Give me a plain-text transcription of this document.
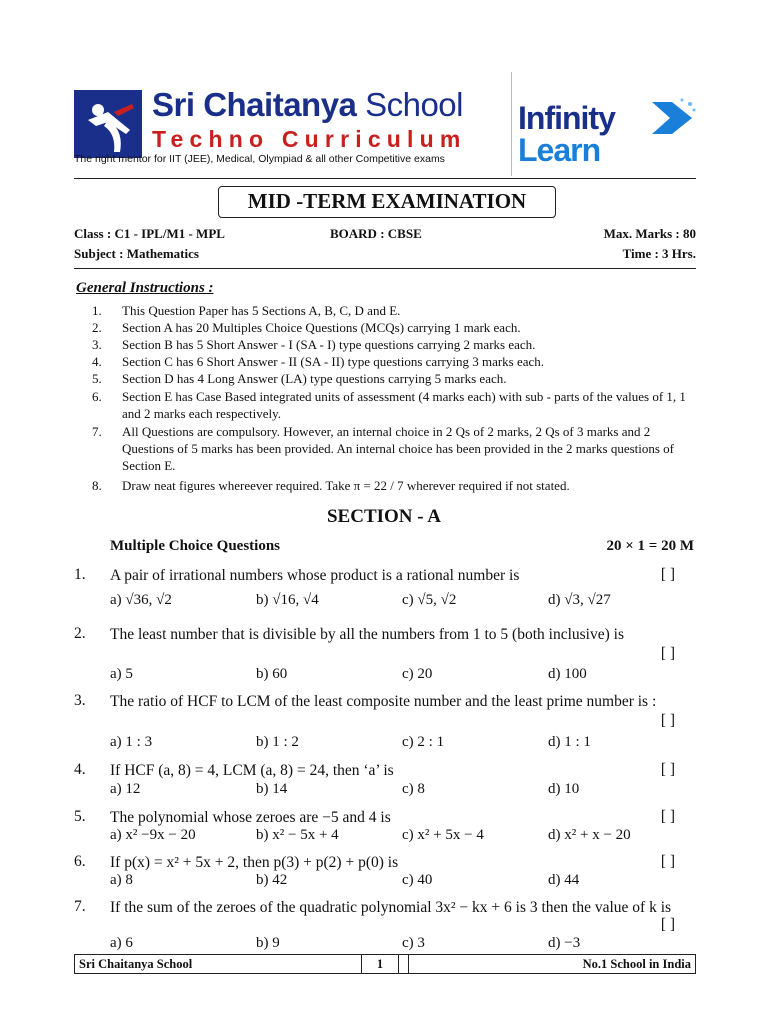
Sri Chaitanya School
Techno Curriculum
The right mentor for IIT (JEE), Medical, Olympiad & all other Competitive exams
Infinity
Learn
MID -TERM EXAMINATION
Class : C1 - IPL/M1 - MPL	BOARD : CBSE	Max. Marks : 80
Subject : Mathematics	Time : 3 Hrs.
General Instructions :
1. This Question Paper has 5 Sections A, B, C, D and E.
2. Section A has 20 Multiples Choice Questions (MCQs) carrying 1 mark each.
3. Section B has 5 Short Answer - I (SA - I) type questions carrying 2 marks each.
4. Section C has 6 Short Answer - II (SA - II) type questions carrying 3 marks each.
5. Section D has 4 Long Answer (LA) type questions carrying 5 marks each.
6. Section E has Case Based integrated units of assessment (4 marks each) with sub - parts of the values of 1, 1 and 2 marks each respectively.
7. All Questions are compulsory. However, an internal choice in 2 Qs of 2 marks, 2 Qs of 3 marks and 2 Questions of 5 marks has been provided. An internal choice has been provided in the 2 marks questions of Section E.
8. Draw neat figures whereever required. Take π = 22 / 7 wherever required if not stated.
SECTION - A
Multiple Choice Questions	20 × 1 = 20 M
1. A pair of irrational numbers whose product is a rational number is	[ ]
a) √36, √2	b) √16, √4	c) √5, √2	d) √3, √27
2. The least number that is divisible by all the numbers from 1 to 5 (both inclusive) is
[ ]
a) 5	b) 60	c) 20	d) 100
3. The ratio of HCF to LCM of the least composite number and the least prime number is :
[ ]
a) 1 : 3	b) 1 : 2	c) 2 : 1	d) 1 : 1
4. If HCF (a, 8) = 4, LCM (a, 8) = 24, then ‘a’ is	[ ]
a) 12	b) 14	c) 8	d) 10
5. The polynomial whose zeroes are −5 and 4 is	[ ]
a) x² −9x − 20	b) x² − 5x + 4	c) x² + 5x − 4	d) x² + x − 20
6. If p(x) = x² + 5x + 2, then p(3) + p(2) + p(0) is	[ ]
a) 8	b) 42	c) 40	d) 44
7. If the sum of the zeroes of the quadratic polynomial 3x² − kx + 6 is 3 then the value of k is
[ ]
a) 6	b) 9	c) 3	d) −3
Sri Chaitanya School	1	No.1 School in India
